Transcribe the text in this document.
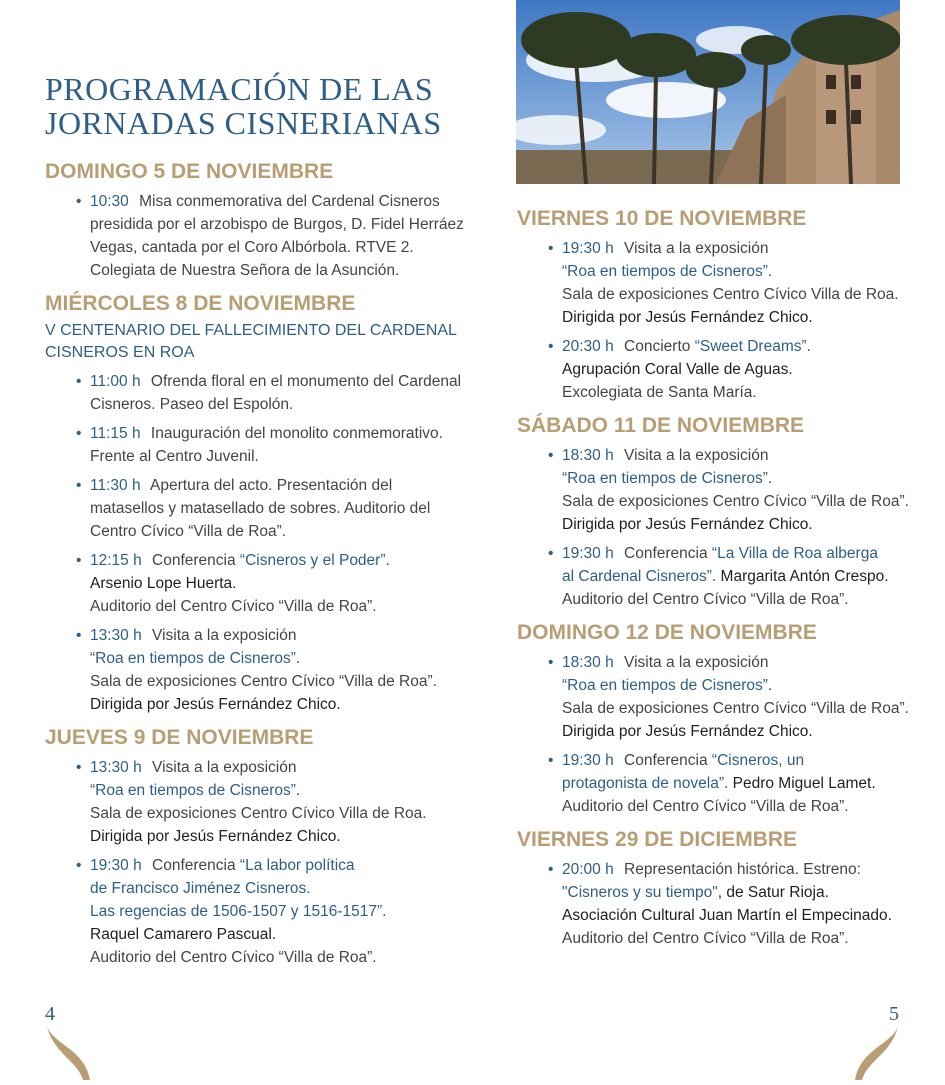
PROGRAMACIÓN DE LAS JORNADAS CISNERIANAS
DOMINGO 5 DE NOVIEMBRE
• 10:30 Misa conmemorativa del Cardenal Cisneros presidida por el arzobispo de Burgos, D. Fidel Herráez Vegas, cantada por el Coro Albórbola. RTVE 2. Colegiata de Nuestra Señora de la Asunción.
MIÉRCOLES 8 DE NOVIEMBRE
V CENTENARIO DEL FALLECIMIENTO DEL CARDENAL CISNEROS EN ROA
• 11:00 h Ofrenda floral en el monumento del Cardenal Cisneros. Paseo del Espolón.
• 11:15 h Inauguración del monolito conmemorativo. Frente al Centro Juvenil.
• 11:30 h Apertura del acto. Presentación del matasellos y matasellado de sobres. Auditorio del Centro Cívico “Villa de Roa”.
• 12:15 h Conferencia “Cisneros y el Poder”.
Arsenio Lope Huerta.
Auditorio del Centro Cívico “Villa de Roa”.
• 13:30 h Visita a la exposición
“Roa en tiempos de Cisneros”.
Sala de exposiciones Centro Cívico “Villa de Roa”.
Dirigida por Jesús Fernández Chico.
JUEVES 9 DE NOVIEMBRE
• 13:30 h Visita a la exposición
“Roa en tiempos de Cisneros”.
Sala de exposiciones Centro Cívico Villa de Roa.
Dirigida por Jesús Fernández Chico.
• 19:30 h Conferencia “La labor política
de Francisco Jiménez Cisneros.
Las regencias de 1506-1507 y 1516-1517”.
Raquel Camarero Pascual.
Auditorio del Centro Cívico “Villa de Roa”.
VIERNES 10 DE NOVIEMBRE
• 19:30 h Visita a la exposición
“Roa en tiempos de Cisneros”.
Sala de exposiciones Centro Cívico Villa de Roa.
Dirigida por Jesús Fernández Chico.
• 20:30 h Concierto “Sweet Dreams”.
Agrupación Coral Valle de Aguas.
Excolegiata de Santa María.
SÁBADO 11 DE NOVIEMBRE
• 18:30 h Visita a la exposición
“Roa en tiempos de Cisneros”.
Sala de exposiciones Centro Cívico “Villa de Roa”.
Dirigida por Jesús Fernández Chico.
• 19:30 h Conferencia “La Villa de Roa alberga
al Cardenal Cisneros”. Margarita Antón Crespo.
Auditorio del Centro Cívico “Villa de Roa”.
DOMINGO 12 DE NOVIEMBRE
• 18:30 h Visita a la exposición
“Roa en tiempos de Cisneros”.
Sala de exposiciones Centro Cívico “Villa de Roa”.
Dirigida por Jesús Fernández Chico.
• 19:30 h Conferencia “Cisneros, un
protagonista de novela”. Pedro Miguel Lamet.
Auditorio del Centro Cívico “Villa de Roa”.
VIERNES 29 DE DICIEMBRE
• 20:00 h Representación histórica. Estreno:
"Cisneros y su tiempo", de Satur Rioja.
Asociación Cultural Juan Martín el Empecinado.
Auditorio del Centro Cívico “Villa de Roa”.
4	5
